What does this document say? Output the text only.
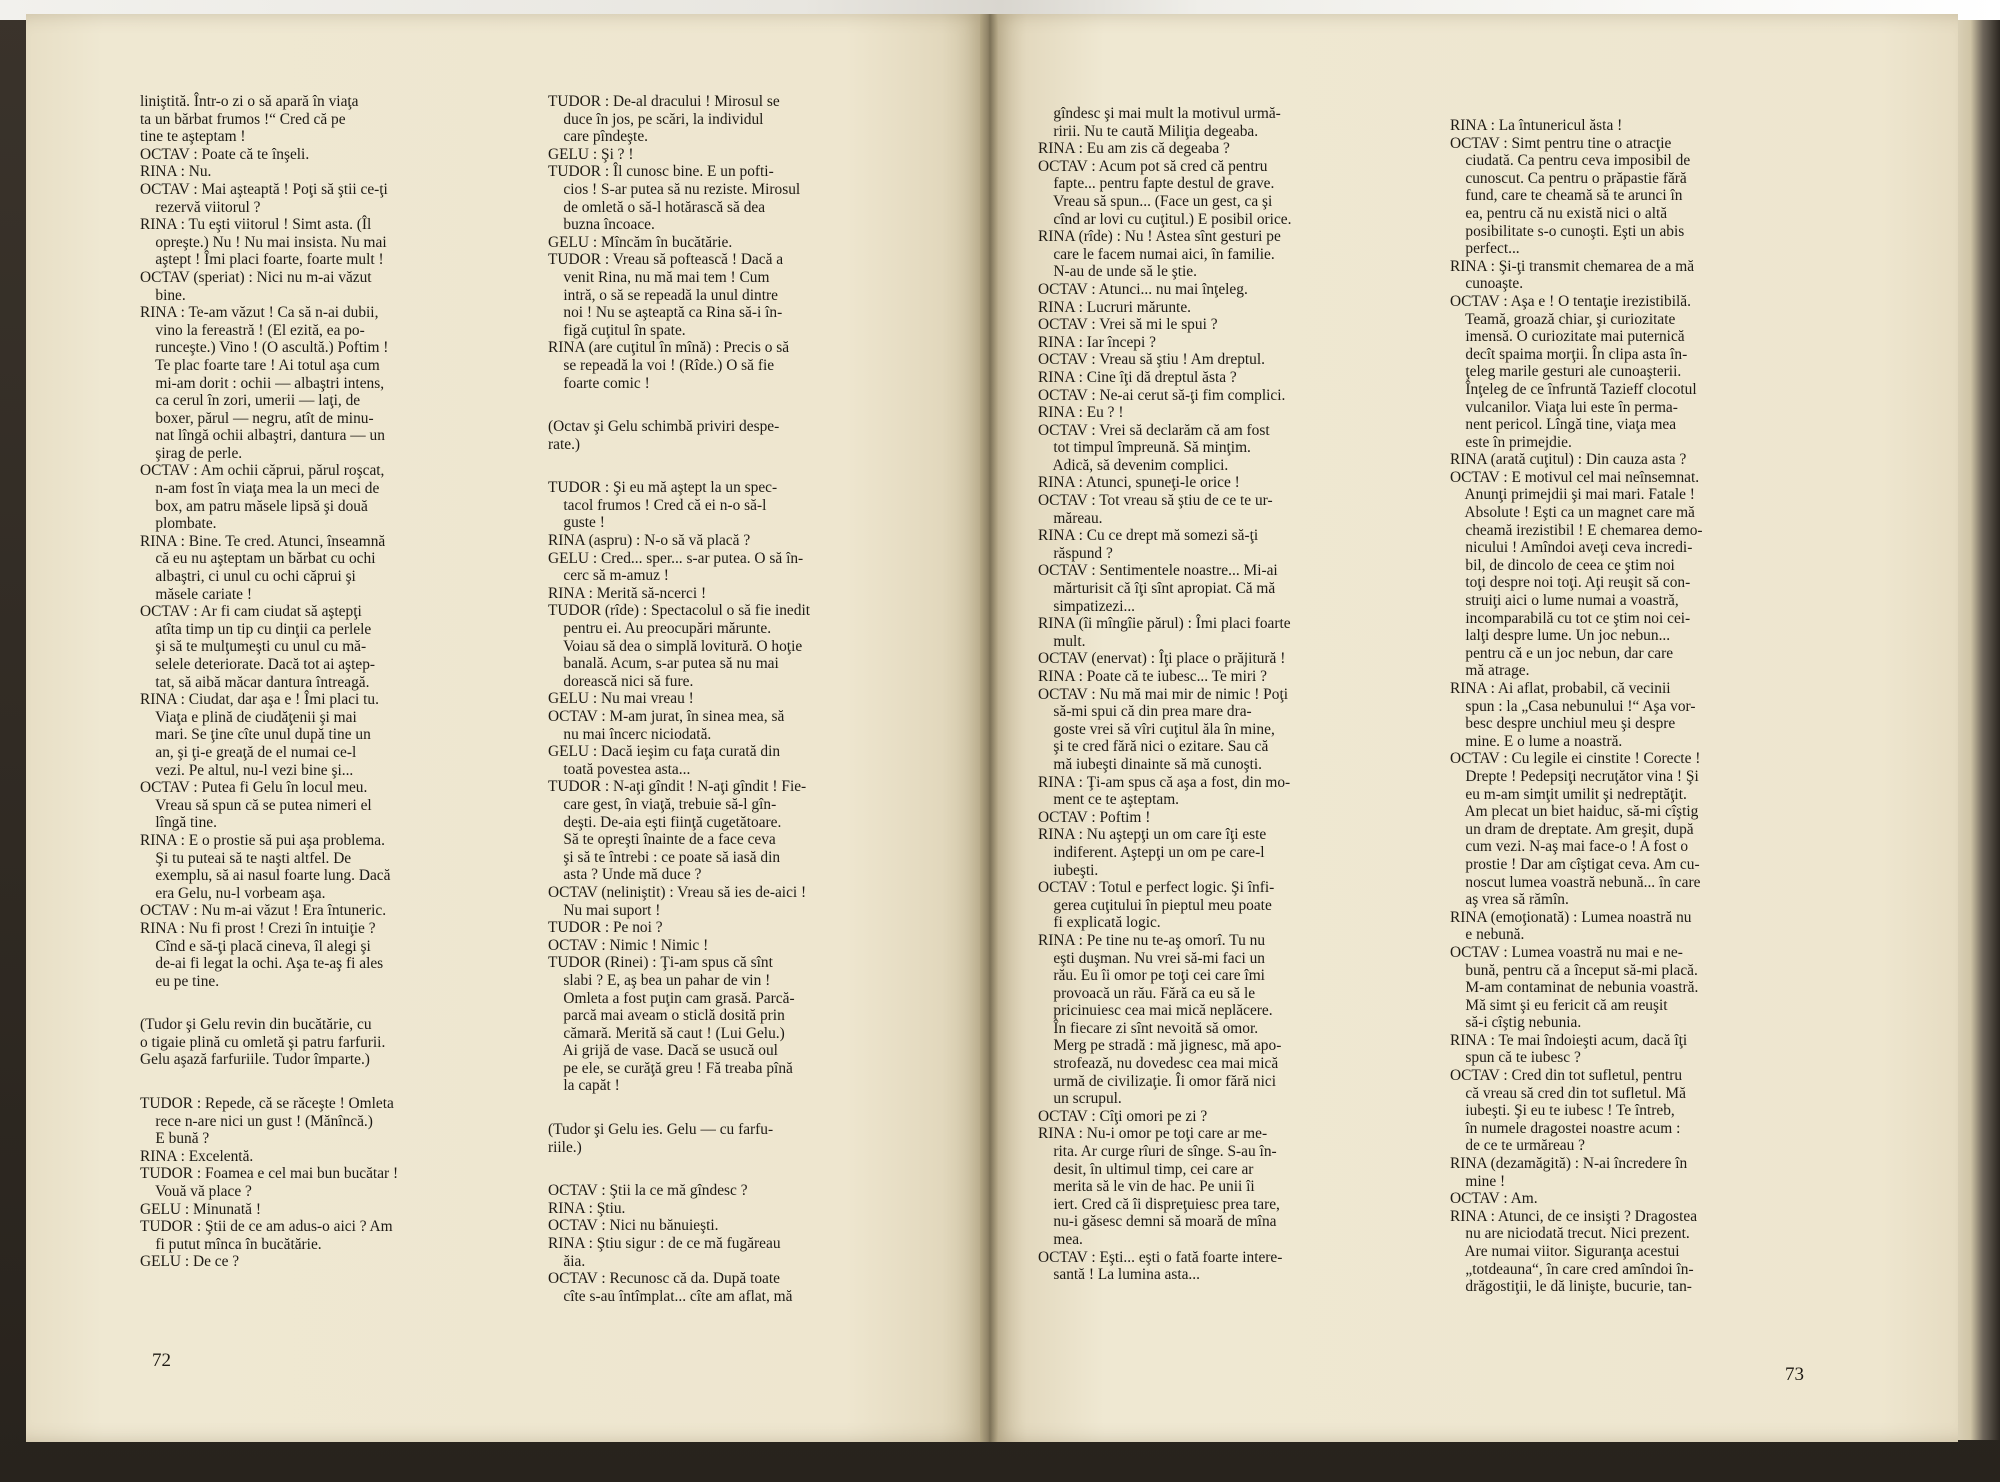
liniştită. Într-o zi o să apară în viaţa
ta un bărbat frumos !“ Cred că pe
tine te aşteptam !
OCTAV : Poate că te înşeli.
RINA : Nu.
OCTAV : Mai aşteaptă ! Poţi să ştii ce-ţi
rezervă viitorul ?
RINA : Tu eşti viitorul ! Simt asta. (Îl
opreşte.) Nu ! Nu mai insista. Nu mai
aştept ! Îmi placi foarte, foarte mult !
OCTAV (speriat) : Nici nu m-ai văzut
bine.
RINA : Te-am văzut ! Ca să n-ai dubii,
vino la fereastră ! (El ezită, ea po-
runceşte.) Vino ! (O ascultă.) Poftim !
Te plac foarte tare ! Ai totul aşa cum
mi-am dorit : ochii — albaştri intens,
ca cerul în zori, umerii — laţi, de
boxer, părul — negru, atît de minu-
nat lîngă ochii albaştri, dantura — un
şirag de perle.
OCTAV : Am ochii căprui, părul roşcat,
n-am fost în viaţa mea la un meci de
box, am patru măsele lipsă şi două
plombate.
RINA : Bine. Te cred. Atunci, înseamnă
că eu nu aşteptam un bărbat cu ochi
albaştri, ci unul cu ochi căprui şi
măsele cariate !
OCTAV : Ar fi cam ciudat să aştepţi
atîta timp un tip cu dinţii ca perlele
şi să te mulţumeşti cu unul cu mă-
selele deteriorate. Dacă tot ai aştep-
tat, să aibă măcar dantura întreagă.
RINA : Ciudat, dar aşa e ! Îmi placi tu.
Viaţa e plină de ciudăţenii şi mai
mari. Se ţine cîte unul după tine un
an, şi ţi-e greaţă de el numai ce-l
vezi. Pe altul, nu-l vezi bine şi...
OCTAV : Putea fi Gelu în locul meu.
Vreau să spun că se putea nimeri el
lîngă tine.
RINA : E o prostie să pui aşa problema.
Şi tu puteai să te naşti altfel. De
exemplu, să ai nasul foarte lung. Dacă
era Gelu, nu-l vorbeam aşa.
OCTAV : Nu m-ai văzut ! Era întuneric.
RINA : Nu fi prost ! Crezi în intuiţie ?
Cînd e să-ţi placă cineva, îl alegi şi
de-ai fi legat la ochi. Aşa te-aş fi ales
eu pe tine.
(Tudor şi Gelu revin din bucătărie, cu
o tigaie plină cu omletă şi patru farfurii.
Gelu aşază farfuriile. Tudor împarte.)
TUDOR : Repede, că se răceşte ! Omleta
rece n-are nici un gust ! (Mănîncă.)
E bună ?
RINA : Excelentă.
TUDOR : Foamea e cel mai bun bucătar !
Vouă vă place ?
GELU : Minunată !
TUDOR : Ştii de ce am adus-o aici ? Am
fi putut mînca în bucătărie.
GELU : De ce ?
TUDOR : De-al dracului ! Mirosul se
duce în jos, pe scări, la individul
care pîndeşte.
GELU : Şi ? !
TUDOR : Îl cunosc bine. E un pofti-
cios ! S-ar putea să nu reziste. Mirosul
de omletă o să-l hotărască să dea
buzna încoace.
GELU : Mîncăm în bucătărie.
TUDOR : Vreau să poftească ! Dacă a
venit Rina, nu mă mai tem ! Cum
intră, o să se repeadă la unul dintre
noi ! Nu se aşteaptă ca Rina să-i în-
figă cuţitul în spate.
RINA (are cuţitul în mînă) : Precis o să
se repeadă la voi ! (Rîde.) O să fie
foarte comic !
(Octav şi Gelu schimbă priviri despe-
rate.)
TUDOR : Şi eu mă aştept la un spec-
tacol frumos ! Cred că ei n-o să-l
guste !
RINA (aspru) : N-o să vă placă ?
GELU : Cred... sper... s-ar putea. O să în-
cerc să m-amuz !
RINA : Merită să-ncerci !
TUDOR (rîde) : Spectacolul o să fie inedit
pentru ei. Au preocupări mărunte.
Voiau să dea o simplă lovitură. O hoţie
banală. Acum, s-ar putea să nu mai
dorească nici să fure.
GELU : Nu mai vreau !
OCTAV : M-am jurat, în sinea mea, să
nu mai încerc niciodată.
GELU : Dacă ieşim cu faţa curată din
toată povestea asta...
TUDOR : N-aţi gîndit ! N-aţi gîndit ! Fie-
care gest, în viaţă, trebuie să-l gîn-
deşti. De-aia eşti fiinţă cugetătoare.
Să te opreşti înainte de a face ceva
şi să te întrebi : ce poate să iasă din
asta ? Unde mă duce ?
OCTAV (neliniştit) : Vreau să ies de-aici !
Nu mai suport !
TUDOR : Pe noi ?
OCTAV : Nimic ! Nimic !
TUDOR (Rinei) : Ţi-am spus că sînt
slabi ? E, aş bea un pahar de vin !
Omleta a fost puţin cam grasă. Parcă-
parcă mai aveam o sticlă dosită prin
cămară. Merită să caut ! (Lui Gelu.)
Ai grijă de vase. Dacă se usucă oul
pe ele, se curăţă greu ! Fă treaba pînă
la capăt !
(Tudor şi Gelu ies. Gelu — cu farfu-
riile.)
OCTAV : Ştii la ce mă gîndesc ?
RINA : Ştiu.
OCTAV : Nici nu bănuieşti.
RINA : Ştiu sigur : de ce mă fugăreau
ăia.
OCTAV : Recunosc că da. După toate
cîte s-au întîmplat... cîte am aflat, mă
gîndesc şi mai mult la motivul urmă-
ririi. Nu te caută Miliţia degeaba.
RINA : Eu am zis că degeaba ?
OCTAV : Acum pot să cred că pentru
fapte... pentru fapte destul de grave.
Vreau să spun... (Face un gest, ca şi
cînd ar lovi cu cuţitul.) E posibil orice.
RINA (rîde) : Nu ! Astea sînt gesturi pe
care le facem numai aici, în familie.
N-au de unde să le ştie.
OCTAV : Atunci... nu mai înţeleg.
RINA : Lucruri mărunte.
OCTAV : Vrei să mi le spui ?
RINA : Iar începi ?
OCTAV : Vreau să ştiu ! Am dreptul.
RINA : Cine îţi dă dreptul ăsta ?
OCTAV : Ne-ai cerut să-ţi fim complici.
RINA : Eu ? !
OCTAV : Vrei să declarăm că am fost
tot timpul împreună. Să minţim.
Adică, să devenim complici.
RINA : Atunci, spuneţi-le orice !
OCTAV : Tot vreau să ştiu de ce te ur-
măreau.
RINA : Cu ce drept mă somezi să-ţi
răspund ?
OCTAV : Sentimentele noastre... Mi-ai
mărturisit că îţi sînt apropiat. Că mă
simpatizezi...
RINA (îi mîngîie părul) : Îmi placi foarte
mult.
OCTAV (enervat) : Îţi place o prăjitură !
RINA : Poate că te iubesc... Te miri ?
OCTAV : Nu mă mai mir de nimic ! Poţi
să-mi spui că din prea mare dra-
goste vrei să vîri cuţitul ăla în mine,
şi te cred fără nici o ezitare. Sau că
mă iubeşti dinainte să mă cunoşti.
RINA : Ţi-am spus că aşa a fost, din mo-
ment ce te aşteptam.
OCTAV : Poftim !
RINA : Nu aştepţi un om care îţi este
indiferent. Aştepţi un om pe care-l
iubeşti.
OCTAV : Totul e perfect logic. Şi înfi-
gerea cuţitului în pieptul meu poate
fi explicată logic.
RINA : Pe tine nu te-aş omorî. Tu nu
eşti duşman. Nu vrei să-mi faci un
rău. Eu îi omor pe toţi cei care îmi
provoacă un rău. Fără ca eu să le
pricinuiesc cea mai mică neplăcere.
În fiecare zi sînt nevoită să omor.
Merg pe stradă : mă jignesc, mă apo-
strofează, nu dovedesc cea mai mică
urmă de civilizaţie. Îi omor fără nici
un scrupul.
OCTAV : Cîţi omori pe zi ?
RINA : Nu-i omor pe toţi care ar me-
rita. Ar curge rîuri de sînge. S-au în-
desit, în ultimul timp, cei care ar
merita să le vin de hac. Pe unii îi
iert. Cred că îi dispreţuiesc prea tare,
nu-i găsesc demni să moară de mîna
mea.
OCTAV : Eşti... eşti o fată foarte intere-
santă ! La lumina asta...
RINA : La întunericul ăsta !
OCTAV : Simt pentru tine o atracţie
ciudată. Ca pentru ceva imposibil de
cunoscut. Ca pentru o prăpastie fără
fund, care te cheamă să te arunci în
ea, pentru că nu există nici o altă
posibilitate s-o cunoşti. Eşti un abis
perfect...
RINA : Şi-ţi transmit chemarea de a mă
cunoaşte.
OCTAV : Aşa e ! O tentaţie irezistibilă.
Teamă, groază chiar, şi curiozitate
imensă. O curiozitate mai puternică
decît spaima morţii. În clipa asta în-
ţeleg marile gesturi ale cunoaşterii.
Înţeleg de ce înfruntă Tazieff clocotul
vulcanilor. Viaţa lui este în perma-
nent pericol. Lîngă tine, viaţa mea
este în primejdie.
RINA (arată cuţitul) : Din cauza asta ?
OCTAV : E motivul cel mai neînsemnat.
Anunţi primejdii şi mai mari. Fatale !
Absolute ! Eşti ca un magnet care mă
cheamă irezistibil ! E chemarea demo-
nicului ! Amîndoi aveţi ceva incredi-
bil, de dincolo de ceea ce ştim noi
toţi despre noi toţi. Aţi reuşit să con-
struiţi aici o lume numai a voastră,
incomparabilă cu tot ce ştim noi cei-
lalţi despre lume. Un joc nebun...
pentru că e un joc nebun, dar care
mă atrage.
RINA : Ai aflat, probabil, că vecinii
spun : la „Casa nebunului !“ Aşa vor-
besc despre unchiul meu şi despre
mine. E o lume a noastră.
OCTAV : Cu legile ei cinstite ! Corecte !
Drepte ! Pedepsiţi necruţător vina ! Şi
eu m-am simţit umilit şi nedreptăţit.
Am plecat un biet haiduc, să-mi cîştig
un dram de dreptate. Am greşit, după
cum vezi. N-aş mai face-o ! A fost o
prostie ! Dar am cîştigat ceva. Am cu-
noscut lumea voastră nebună... în care
aş vrea să rămîn.
RINA (emoţionată) : Lumea noastră nu
e nebună.
OCTAV : Lumea voastră nu mai e ne-
bună, pentru că a început să-mi placă.
M-am contaminat de nebunia voastră.
Mă simt şi eu fericit că am reuşit
să-i cîştig nebunia.
RINA : Te mai îndoieşti acum, dacă îţi
spun că te iubesc ?
OCTAV : Cred din tot sufletul, pentru
că vreau să cred din tot sufletul. Mă
iubeşti. Şi eu te iubesc ! Te întreb,
în numele dragostei noastre acum :
de ce te urmăreau ?
RINA (dezamăgită) : N-ai încredere în
mine !
OCTAV : Am.
RINA : Atunci, de ce insişti ? Dragostea
nu are niciodată trecut. Nici prezent.
Are numai viitor. Siguranţa acestui
„totdeauna“, în care cred amîndoi în-
drăgostiţii, le dă linişte, bucurie, tan-
72
73
